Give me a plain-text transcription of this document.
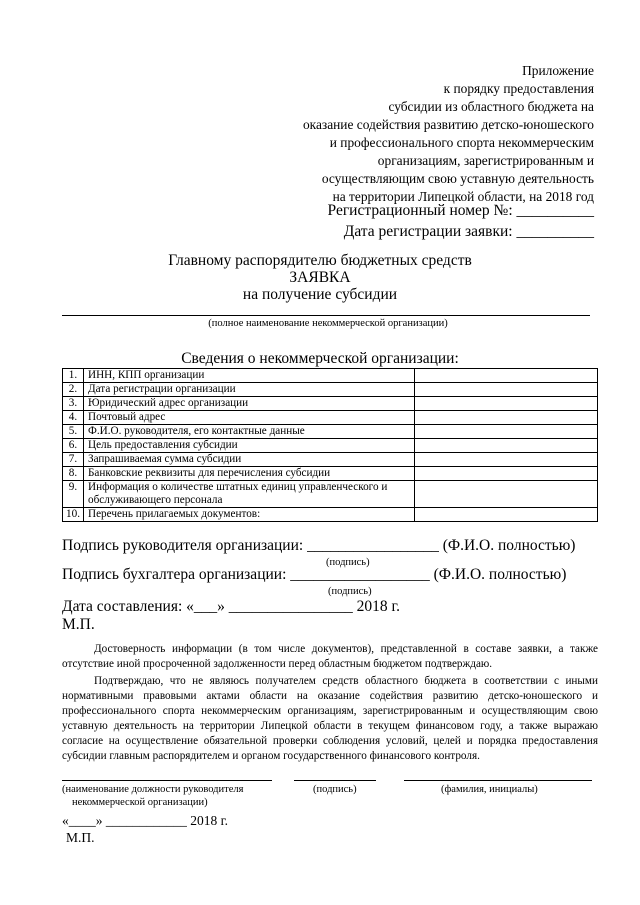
Приложение
к порядку предоставления
субсидии из областного бюджета на
оказание содействия развитию детско-юношеского
и профессионального спорта некоммерческим
организациям, зарегистрированным и
осуществляющим свою уставную деятельность
на территории Липецкой области, на 2018 год
Регистрационный номер №: __________
Дата регистрации заявки: __________
Главному распорядителю бюджетных средств
ЗАЯВКА
на получение субсидии
(полное наименование некоммерческой организации)
Сведения о некоммерческой организации:
1.	ИНН, КПП организации	
2.	Дата регистрации организации	
3.	Юридический адрес организации	
4.	Почтовый адрес	
5.	Ф.И.О. руководителя, его контактные данные	
6.	Цель предоставления субсидии	
7.	Запрашиваемая сумма субсидии	
8.	Банковские реквизиты для перечисления субсидии	
9.	Информация о количестве штатных единиц управленческого и обслуживающего персонала	
10.	Перечень прилагаемых документов:	
Подпись руководителя организации: _________________ (Ф.И.О. полностью)
(подпись)
Подпись бухгалтера организации: __________________ (Ф.И.О. полностью)
(подпись)
Дата составления: «___» ________________ 2018 г.
М.П.
Достоверность информации (в том числе документов), представленной в составе заявки, а также отсутствие иной просроченной задолженности перед областным бюджетом подтверждаю.
Подтверждаю, что не являюсь получателем средств областного бюджета в соответствии с иными нормативными правовыми актами области на оказание содействия развитию детско-юношеского и профессионального спорта некоммерческим организациям, зарегистрированным и осуществляющим свою уставную деятельность на территории Липецкой области в текущем финансовом году, а также выражаю согласие на осуществление обязательной проверки соблюдения условий, целей и порядка предоставления субсидии главным распорядителем и органом государственного финансового контроля.
(наименование должности руководителя
некоммерческой организации)
(подпись)	(фамилия, инициалы)
«____» ____________ 2018 г.
М.П.
